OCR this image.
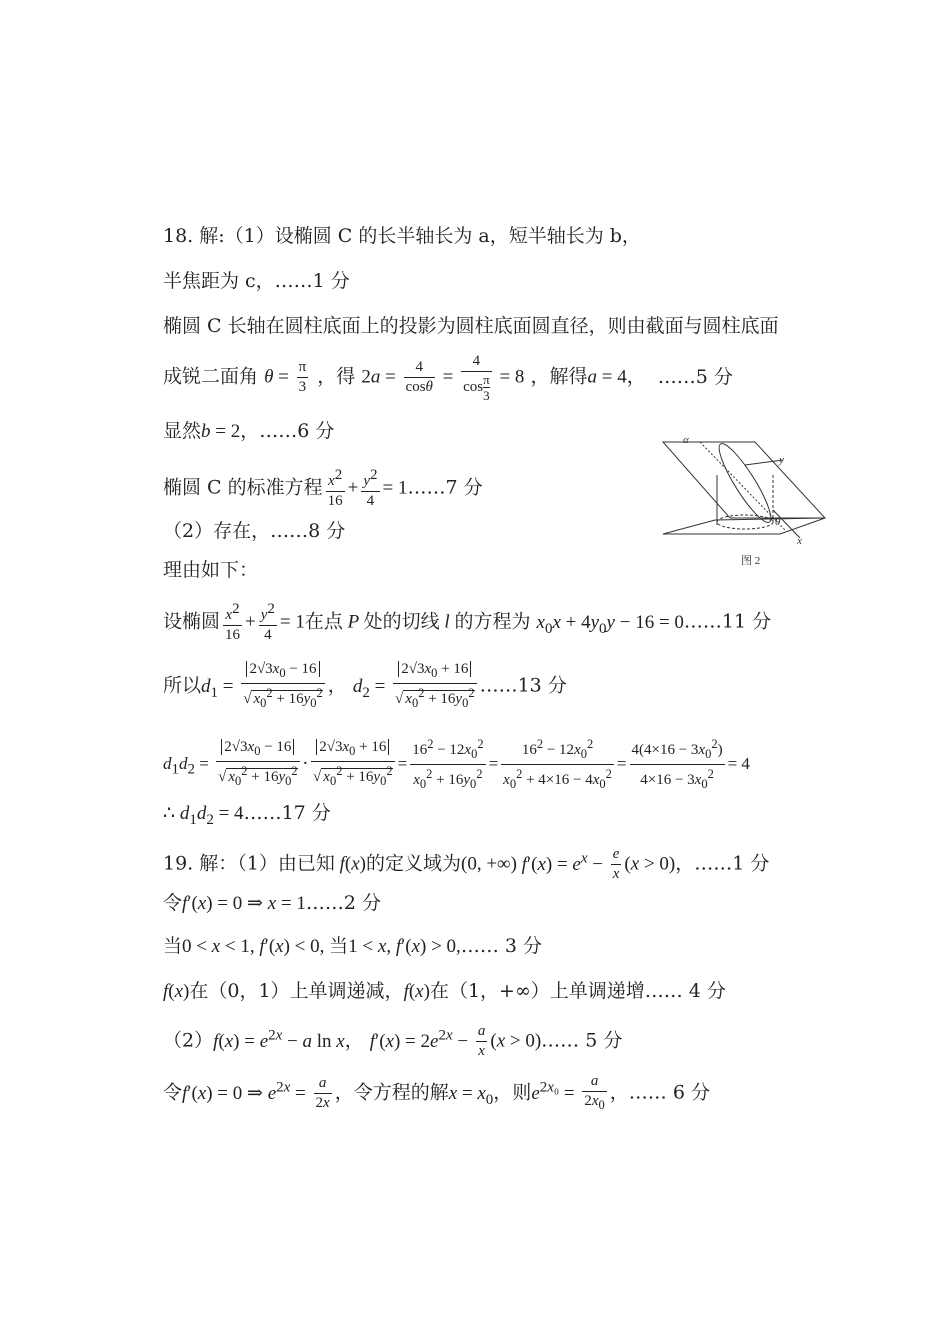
18. 解:（1）设椭圆 C 的长半轴长为 a，短半轴长为 b，
半焦距为 c，……1 分
椭圆 C 长轴在圆柱底面上的投影为圆柱底面圆直径，则由截面与圆柱底面
成锐二面角 $\theta = \frac{\pi}{3}$ ，得 $2a = \frac{4}{\cos\theta} = \frac{4}{\cos \frac{\pi}{3}} = 8$ ，解得a = 4， ……5 分
显然b = 2，……6 分
椭圆 C 的标准方程 $\frac{x^2}{16} + \frac{y^2}{4}$ = 1……7 分
（2）存在，……8 分
理由如下：
设椭圆 $\frac{x^2}{16} + \frac{y^2}{4} = 1$在点 P 处的切线 l 的方程为 $x_0x + 4y_0y - 16$ = 0……11 分
所以$d_1 = \frac{2√3x_0 - 16}{√ x_0^2 + 16y_0^2}$ ， $d_2 = \frac{2√3x_0 + 16}{√ x_0^2 + 16y_0^2}$ ……13 分
$d_1d_2 = \frac{2√3x_0 - 16}{√ x_0^2 + 16y_0^2} \cdot \frac{2√3x_0 + 16}{√ x_0^2 + 16y_0^2} = \frac{16^2 - 12x_0^2}{x_0^2 + 16y_0^2} = \frac{16^2 - 12x_0^2}{x_0^2 + 4\times 16 - 4x_0^2} = \frac{4(4\times 16 - 3x_0^2)}{4\times 16 - 3x_0^2} = 4$
∴ $d_1d_2$ = 4……17 分
α
θ
x
y
图 2
19. 解：（1）由已知 f(x)的定义域为(0, +∞) $f'(x) = e^x - \frac{e}{x} (x > 0)$，……1 分
令f′(x) = 0 ⇒ x = 1……2 分
当0 < x < 1, f′(x) < 0, 当1 < x, f′(x) > 0,…… 3 分
f(x)在（0，1）上单调递减，f(x)在（1，+∞）上单调递增…… 4 分
$(2)f(x) = e^{2x} - a$ ln x， $f'(x) = 2e^{2x} - \frac{a}{x} (x$ > 0)…… 5 分
令f′(x) = 0 ⇒ $e^{2x} = \frac{a}{2x}$ ，令方程的解$x = x_0$，则$e^{2x_0} = \frac{a}{2x_0}$ ，…… 6 分
